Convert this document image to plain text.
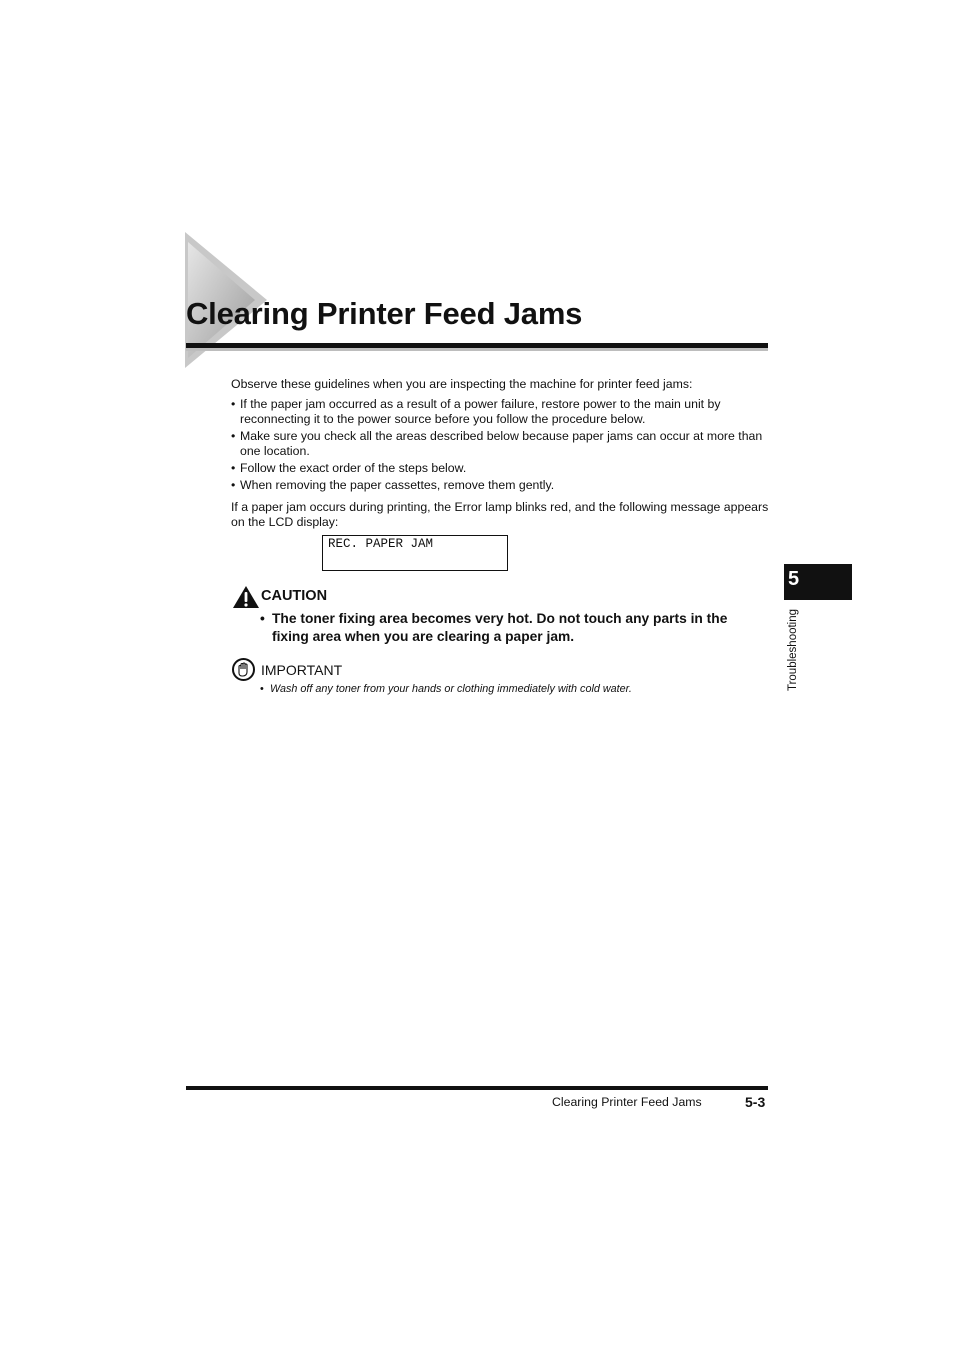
Clearing Printer Feed Jams
Observe these guidelines when you are inspecting the machine for printer feed jams:
• If the paper jam occurred as a result of a power failure, restore power to the main unit by reconnecting it to the power source before you follow the procedure below.
• Make sure you check all the areas described below because paper jams can occur at more than one location.
• Follow the exact order of the steps below.
• When removing the paper cassettes, remove them gently.
If a paper jam occurs during printing, the Error lamp blinks red, and the following message appears on the LCD display:
REC. PAPER JAM
CAUTION
• The toner fixing area becomes very hot. Do not touch any parts in the fixing area when you are clearing a paper jam.
IMPORTANT
• Wash off any toner from your hands or clothing immediately with cold water.
5
Troubleshooting
Clearing Printer Feed Jams	5-3
